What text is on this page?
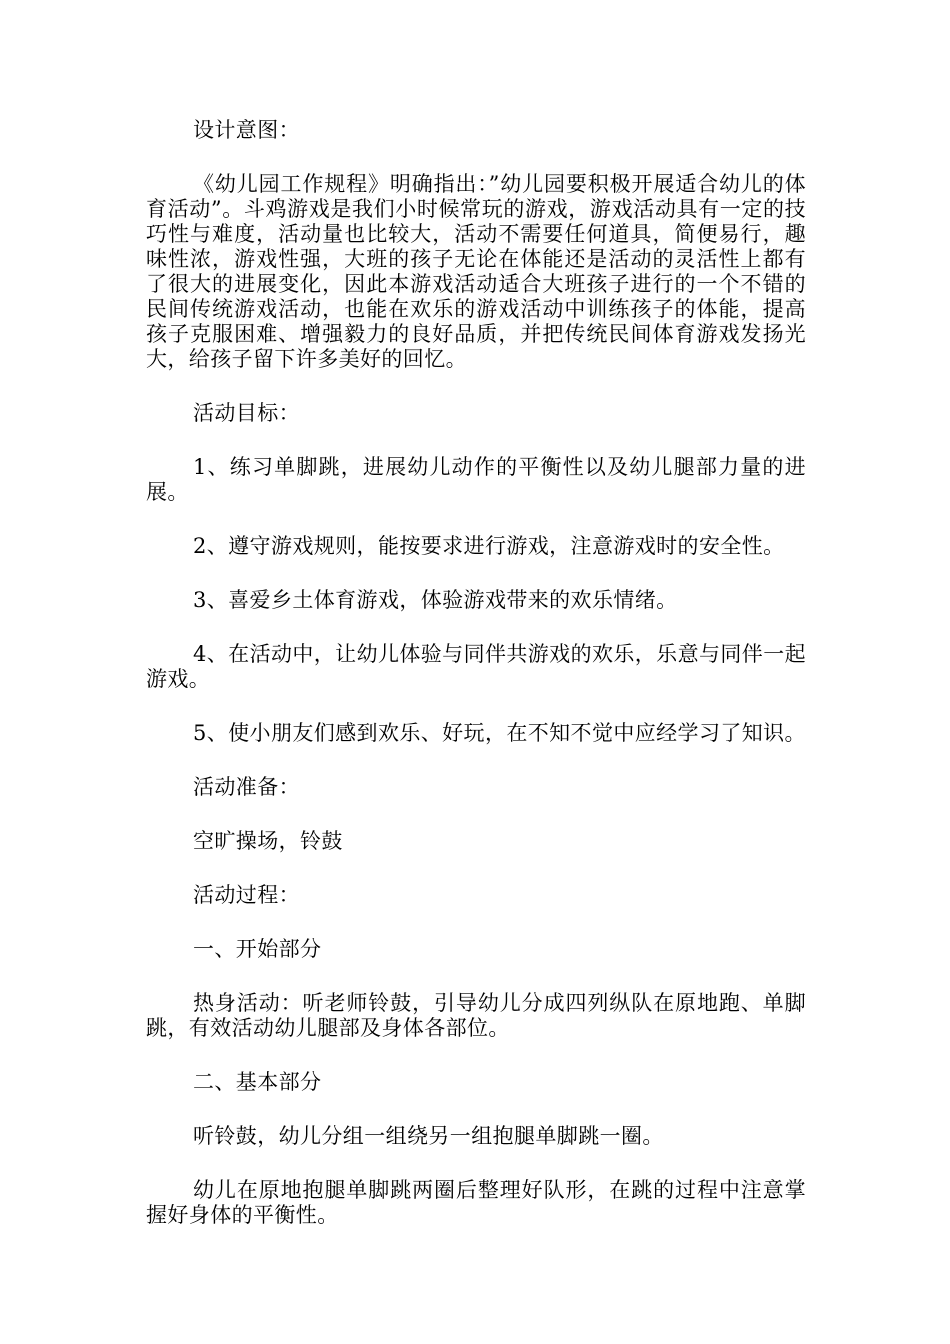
设计意图：

《幼儿园工作规程》明确指出：”幼儿园要积极开展适合幼儿的体育活动”。斗鸡游戏是我们小时候常玩的游戏，游戏活动具有一定的技巧性与难度，活动量也比较大，活动不需要任何道具，简便易行，趣味性浓，游戏性强，大班的孩子无论在体能还是活动的灵活性上都有了很大的进展变化，因此本游戏活动适合大班孩子进行的一个不错的民间传统游戏活动，也能在欢乐的游戏活动中训练孩子的体能，提高孩子克服困难、增强毅力的良好品质，并把传统民间体育游戏发扬光大，给孩子留下许多美好的回忆。

活动目标：

1、练习单脚跳，进展幼儿动作的平衡性以及幼儿腿部力量的进展。

2、遵守游戏规则，能按要求进行游戏，注意游戏时的安全性。

3、喜爱乡土体育游戏，体验游戏带来的欢乐情绪。

4、在活动中，让幼儿体验与同伴共游戏的欢乐，乐意与同伴一起游戏。

5、使小朋友们感到欢乐、好玩，在不知不觉中应经学习了知识。

活动准备：

空旷操场，铃鼓

活动过程：

一、开始部分

热身活动：听老师铃鼓，引导幼儿分成四列纵队在原地跑、单脚跳，有效活动幼儿腿部及身体各部位。

二、基本部分

听铃鼓，幼儿分组一组绕另一组抱腿单脚跳一圈。

幼儿在原地抱腿单脚跳两圈后整理好队形，在跳的过程中注意掌握好身体的平衡性。
